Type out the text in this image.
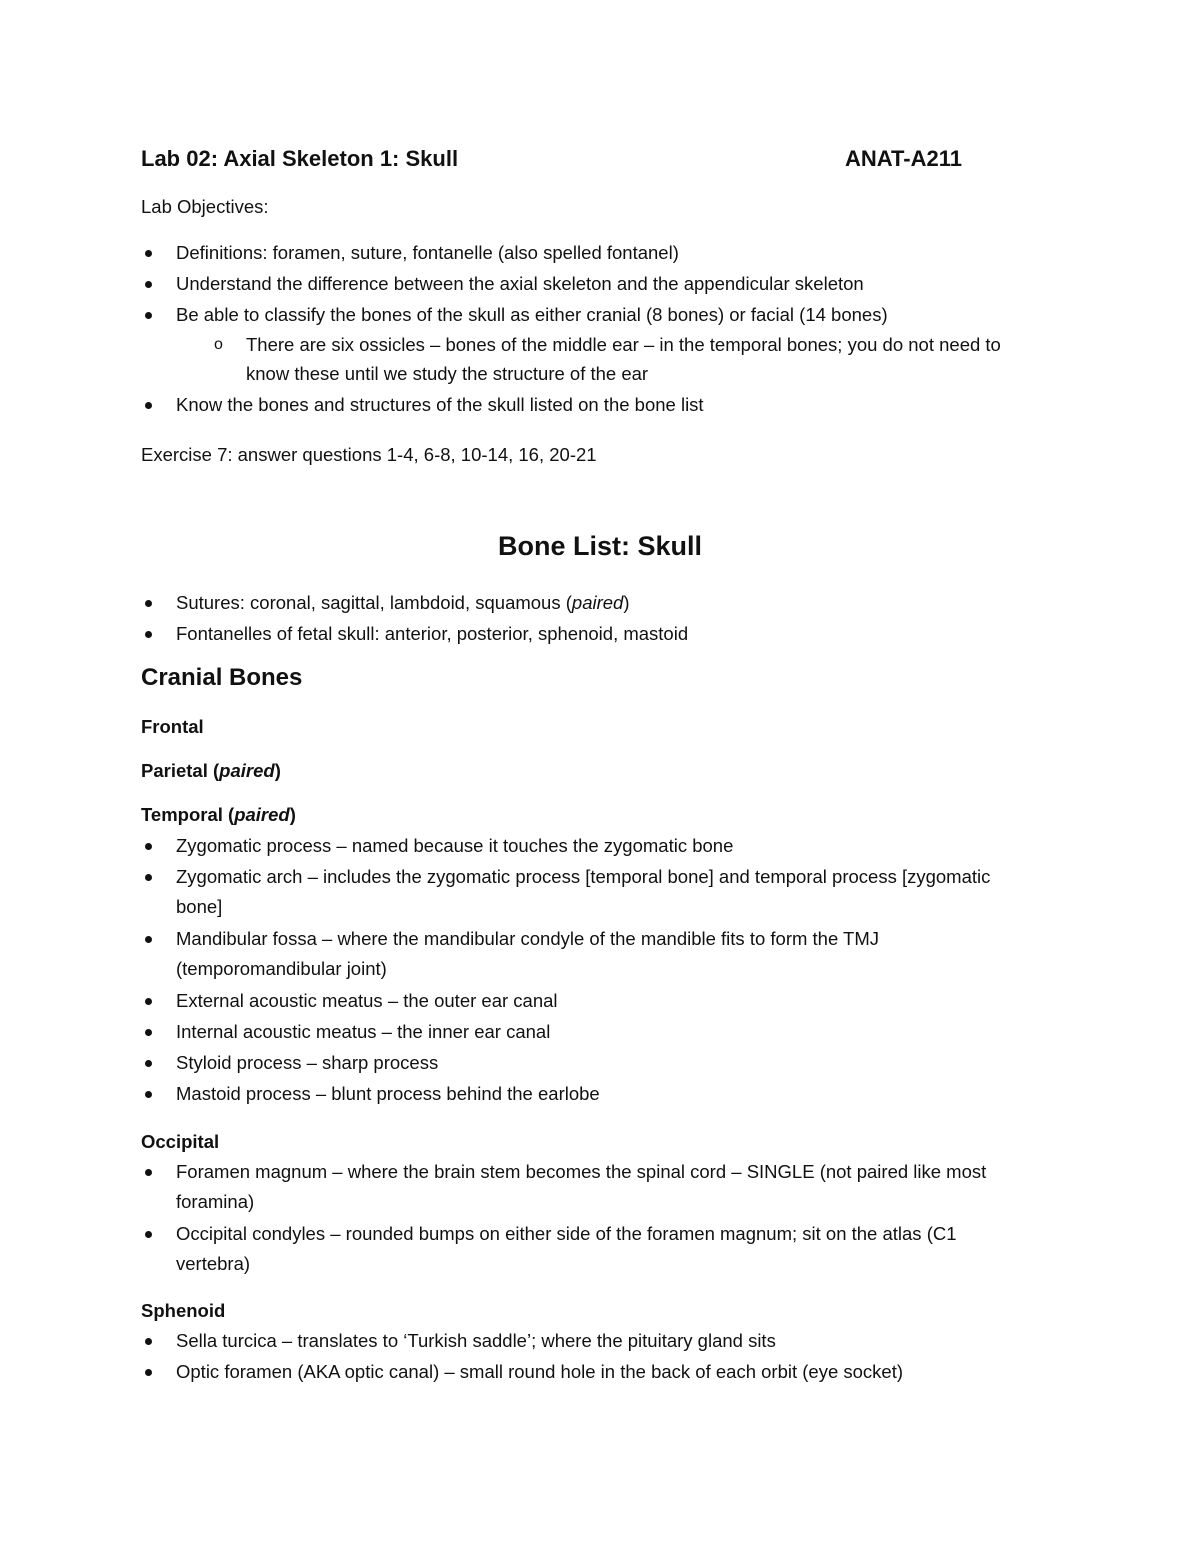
Lab 02: Axial Skeleton 1: Skull	ANAT-A211
Lab Objectives:
Definitions: foramen, suture, fontanelle (also spelled fontanel)
Understand the difference between the axial skeleton and the appendicular skeleton
Be able to classify the bones of the skull as either cranial (8 bones) or facial (14 bones)
o There are six ossicles – bones of the middle ear – in the temporal bones; you do not need to
know these until we study the structure of the ear
Know the bones and structures of the skull listed on the bone list
Exercise 7: answer questions 1-4, 6-8, 10-14, 16, 20-21
Bone List: Skull
Sutures: coronal, sagittal, lambdoid, squamous (paired)
Fontanelles of fetal skull: anterior, posterior, sphenoid, mastoid
Cranial Bones
Frontal
Parietal (paired)
Temporal (paired)
Zygomatic process – named because it touches the zygomatic bone
Zygomatic arch – includes the zygomatic process [temporal bone] and temporal process [zygomatic
bone]
Mandibular fossa – where the mandibular condyle of the mandible fits to form the TMJ
(temporomandibular joint)
External acoustic meatus – the outer ear canal
Internal acoustic meatus – the inner ear canal
Styloid process – sharp process
Mastoid process – blunt process behind the earlobe
Occipital
Foramen magnum – where the brain stem becomes the spinal cord – SINGLE (not paired like most
foramina)
Occipital condyles – rounded bumps on either side of the foramen magnum; sit on the atlas (C1
vertebra)
Sphenoid
Sella turcica – translates to ‘Turkish saddle’; where the pituitary gland sits
Optic foramen (AKA optic canal) – small round hole in the back of each orbit (eye socket)
